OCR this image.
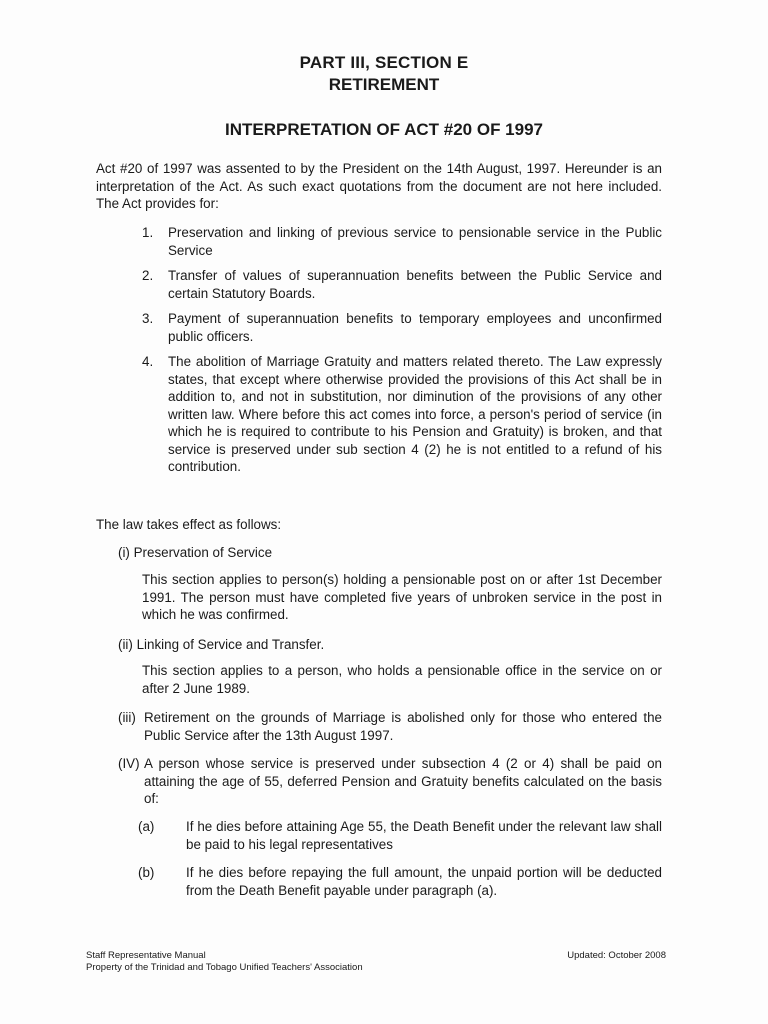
PART III, SECTION E
RETIREMENT
INTERPRETATION OF ACT #20 OF 1997
Act #20 of 1997 was assented to by the President on the 14th August, 1997. Hereunder is an interpretation of the Act. As such exact quotations from the document are not here included. The Act provides for:
1.	Preservation and linking of previous service to pensionable service in the Public Service
2.	Transfer of values of superannuation benefits between the Public Service and certain Statutory Boards.
3.	Payment of superannuation benefits to temporary employees and unconfirmed public officers.
4.	The abolition of Marriage Gratuity and matters related thereto. The Law expressly states, that except where otherwise provided the provisions of this Act shall be in addition to, and not in substitution, nor diminution of the provisions of any other written law. Where before this act comes into force, a person's period of service (in which he is required to contribute to his Pension and Gratuity) is broken, and that service is preserved under sub section 4 (2) he is not entitled to a refund of his contribution.
The law takes effect as follows:
(i) Preservation of Service
This section applies to person(s) holding a pensionable post on or after 1st December 1991. The person must have completed five years of unbroken service in the post in which he was confirmed.
(ii) Linking of Service and Transfer.
This section applies to a person, who holds a pensionable office in the service on or after 2 June 1989.
(iii) Retirement on the grounds of Marriage is abolished only for those who entered the Public Service after the 13th August 1997.
(IV) A person whose service is preserved under subsection 4 (2 or 4) shall be paid on attaining the age of 55, deferred Pension and Gratuity benefits calculated on the basis of:
(a)	If he dies before attaining Age 55, the Death Benefit under the relevant law shall be paid to his legal representatives
(b)	If he dies before repaying the full amount, the unpaid portion will be deducted from the Death Benefit payable under paragraph (a).
Staff Representative Manual
Property of the Trinidad and Tobago Unified Teachers' Association
Updated: October 2008
